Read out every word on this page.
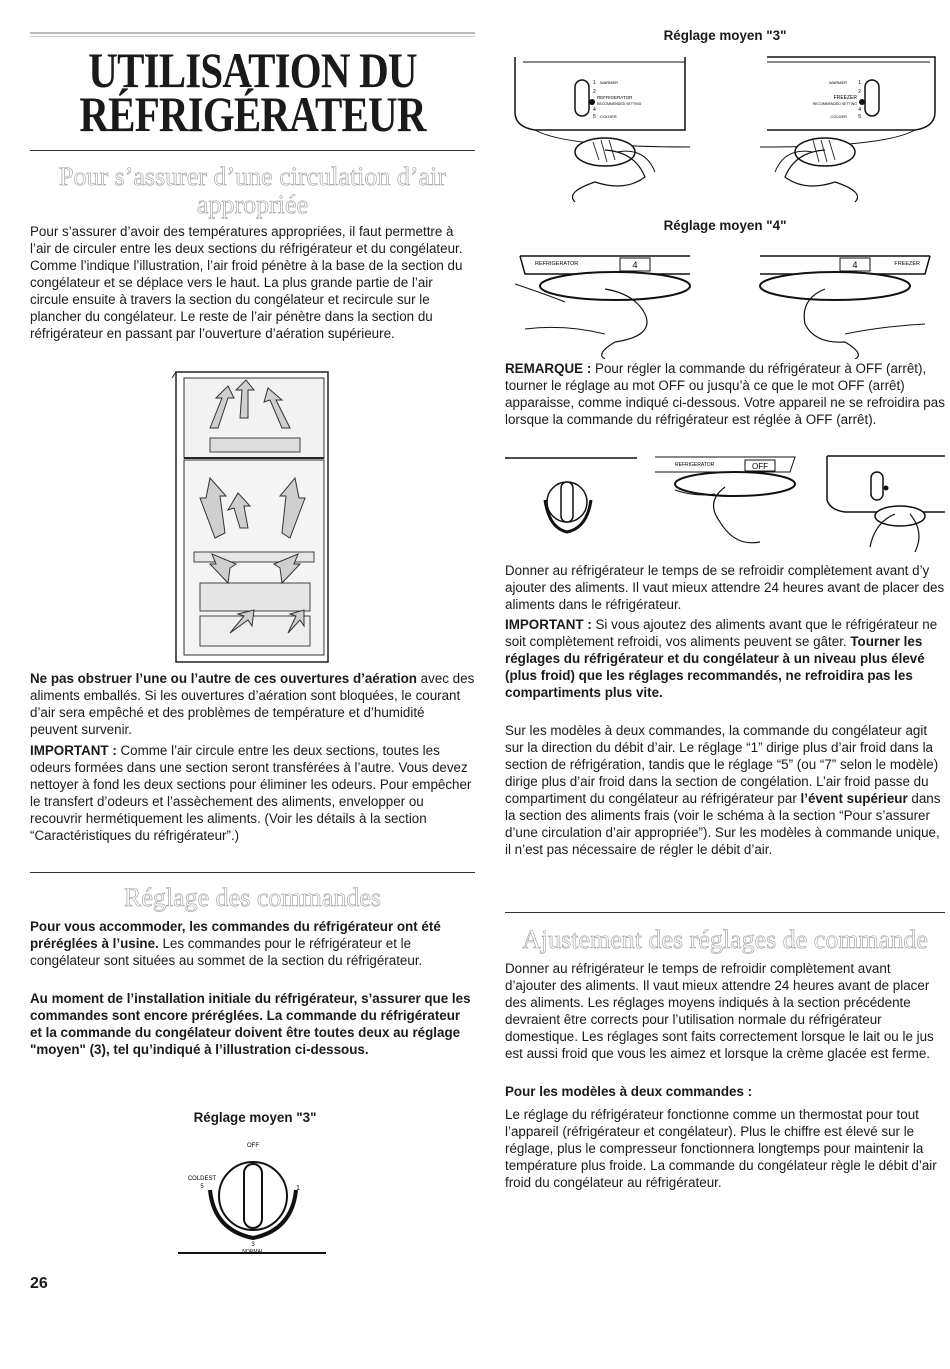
UTILISATION DU
RÉFRIGÉRATEUR
Pour s’assurer d’une circulation d’air
appropriée

Pour s’assurer d’avoir des températures appropriées, il faut permettre à l’air de circuler entre les deux sections du réfrigérateur et du congélateur. Comme l’indique l’illustration, l’air froid pénètre à la base de la section du congélateur et se déplace vers le haut. La plus grande partie de l’air circule ensuite à travers la section du congélateur et recircule sur le plancher du congélateur. Le reste de l’air pénètre dans la section du réfrigérateur en passant par l’ouverture d’aération supérieure.

Ne pas obstruer l’une ou l’autre de ces ouvertures d’aération avec des aliments emballés. Si les ouvertures d’aération sont bloquées, le courant d’air sera empêché et des problèmes de température et d’humidité peuvent survenir.

IMPORTANT : Comme l’air circule entre les deux sections, toutes les odeurs formées dans une section seront transférées à l’autre. Vous devez nettoyer à fond les deux sections pour éliminer les odeurs. Pour empêcher le transfert d’odeurs et l’assèchement des aliments, envelopper ou recouvrir hermétiquement les aliments. (Voir les détails à la section “Caractéristiques du réfrigérateur”.)

Réglage des commandes

Pour vous accommoder, les commandes du réfrigérateur ont été préréglées à l’usine. Les commandes pour le réfrigérateur et le congélateur sont situées au sommet de la section du réfrigérateur.

Au moment de l’installation initiale du réfrigérateur, s’assurer que les commandes sont encore préréglées. La commande du réfrigérateur et la commande du congélateur doivent être toutes deux au réglage "moyen" (3), tel qu’indiqué à l’illustration ci-dessous.

Réglage moyen "3"
OFF
COLDEST
5	1
3
26
Réglage moyen "3"
1 WARMER
2
REFRIGERATOR
RECOMMENDED SETTING
4
5 COLDER
1
WARMER
2
FREEZER
RECOMMENDED SETTING
4
5
COLDER
Réglage moyen "4"
REFRIGERATOR	4	FREEZER
4

REMARQUE : Pour régler la commande du réfrigérateur à OFF (arrêt), tourner le réglage au mot OFF ou jusqu’à ce que le mot OFF (arrêt) apparaisse, comme indiqué ci-dessous. Votre appareil ne se refroidira pas lorsque la commande du réfrigérateur est réglée à OFF (arrêt).

REFRIGERATOR	OFF

Donner au réfrigérateur le temps de se refroidir complètement avant d’y ajouter des aliments. Il vaut mieux attendre 24 heures avant de placer des aliments dans le réfrigérateur.

IMPORTANT : Si vous ajoutez des aliments avant que le réfrigérateur ne soit complètement refroidi, vos aliments peuvent se gâter. Tourner les réglages du réfrigérateur et du congélateur à un niveau plus élevé (plus froid) que les réglages recommandés, ne refroidira pas les compartiments plus vite.

Sur les modèles à deux commandes, la commande du congélateur agit sur la direction du débit d’air. Le réglage “1” dirige plus d’air froid dans la section de réfrigération, tandis que le réglage “5” (ou “7” selon le modèle) dirige plus d’air froid dans la section de congélation. L’air froid passe du compartiment du congélateur au réfrigérateur par l’évent supérieur dans la section des aliments frais (voir le schéma à la section “Pour s’assurer d’une circulation d’air appropriée”). Sur les modèles à commande unique, il n’est pas nécessaire de régler le débit d’air.

Ajustement des réglages de commande

Donner au réfrigérateur le temps de refroidir complètement avant d’ajouter des aliments. Il vaut mieux attendre 24 heures avant de placer des aliments. Les réglages moyens indiqués à la section précédente devraient être corrects pour l’utilisation normale du réfrigérateur domestique. Les réglages sont faits correctement lorsque le lait ou le jus est aussi froid que vous les aimez et lorsque la crème glacée est ferme.

Pour les modèles à deux commandes :

Le réglage du réfrigérateur fonctionne comme un thermostat pour tout l’appareil (réfrigérateur et congélateur). Plus le chiffre est élevé sur le réglage, plus le compresseur fonctionnera longtemps pour maintenir la température plus froide. La commande du congélateur règle le débit d’air froid du congélateur au réfrigérateur.
